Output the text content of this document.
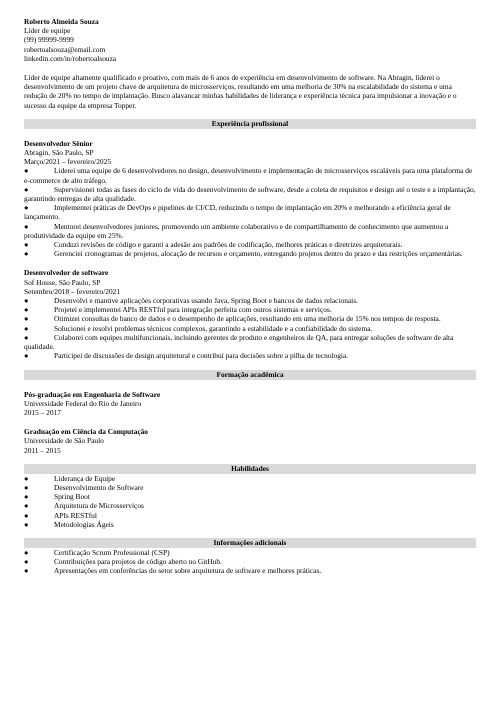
Roberto Almeida Souza
Líder de equipe
(99) 99999-9999
robertoalsouza@email.com
linkedin.com/in/robertoalsouza
Líder de equipe altamente qualificado e proativo, com mais de 6 anos de experiência em desenvolvimento de software. Na Abragin, liderei o desenvolvimento de um projeto chave de arquitetura de microsserviços, resultando em uma melhoria de 30% na escalabilidade do sistema e uma redução de 20% no tempo de implantação. Busco alavancar minhas habilidades de liderança e experiência técnica para impulsionar a inovação e o sucesso da equipe da empresa Topper.
Experiência profissional
Desenvolvedor Sênior
Abragin, São Paulo, SP
Março/2021 – fevereiro/2025
●	Liderei uma equipe de 6 desenvolvedores no design, desenvolvimento e implementação de microsserviços escaláveis para uma plataforma de e-commerce de alto tráfego.
●	Supervisionei todas as fases do ciclo de vida do desenvolvimento de software, desde a coleta de requisitos e design até o teste e a implantação, garantindo entregas de alta qualidade.
●	Implementei práticas de DevOps e pipelines de CI/CD, reduzindo o tempo de implantação em 20% e melhorando a eficiência geral de lançamento.
●	Mentorei desenvolvedores juniores, promovendo um ambiente colaborativo e de compartilhamento de conhecimento que aumentou a produtividade da equipe em 25%.
●	Conduzi revisões de código e garanti a adesão aos padrões de codificação, melhores práticas e diretrizes arquiteturais.
●	Gerenciei cronogramas de projetos, alocação de recursos e orçamento, entregando projetos dentro do prazo e das restrições orçamentárias.
Desenvolvedor de software
Sof House, São Paulo, SP
Setembro/2018 – fevereiro/2021
●	Desenvolvi e mantive aplicações corporativas usando Java, Spring Boot e bancos de dados relacionais.
●	Projetei e implementei APIs RESTful para integração perfeita com outros sistemas e serviços.
●	Otimizei consultas de banco de dados e o desempenho de aplicações, resultando em uma melhoria de 15% nos tempos de resposta.
●	Solucionei e resolvi problemas técnicos complexos, garantindo a estabilidade e a confiabilidade do sistema.
●	Colaborei com equipes multifuncionais, incluindo gerentes de produto e engenheiros de QA, para entregar soluções de software de alta qualidade.
●	Participei de discussões de design arquitetural e contribuí para decisões sobre a pilha de tecnologia.
Formação acadêmica
Pós-graduação em Engenharia de Software
Universidade Federal do Rio de Janeiro
2015 – 2017
Graduação em Ciência da Computação
Universidade de São Paulo
2011 – 2015
Habilidades
●	Liderança de Equipe
●	Desenvolvimento de Software
●	Spring Boot
●	Arquitetura de Microsserviços
●	APIs RESTful
●	Metodologias Ágeis
Informações adicionais
●	Certificação Scrum Professional (CSP)
●	Contribuições para projetos de código aberto no GitHub.
●	Apresentações em conferências do setor sobre arquitetura de software e melhores práticas.
